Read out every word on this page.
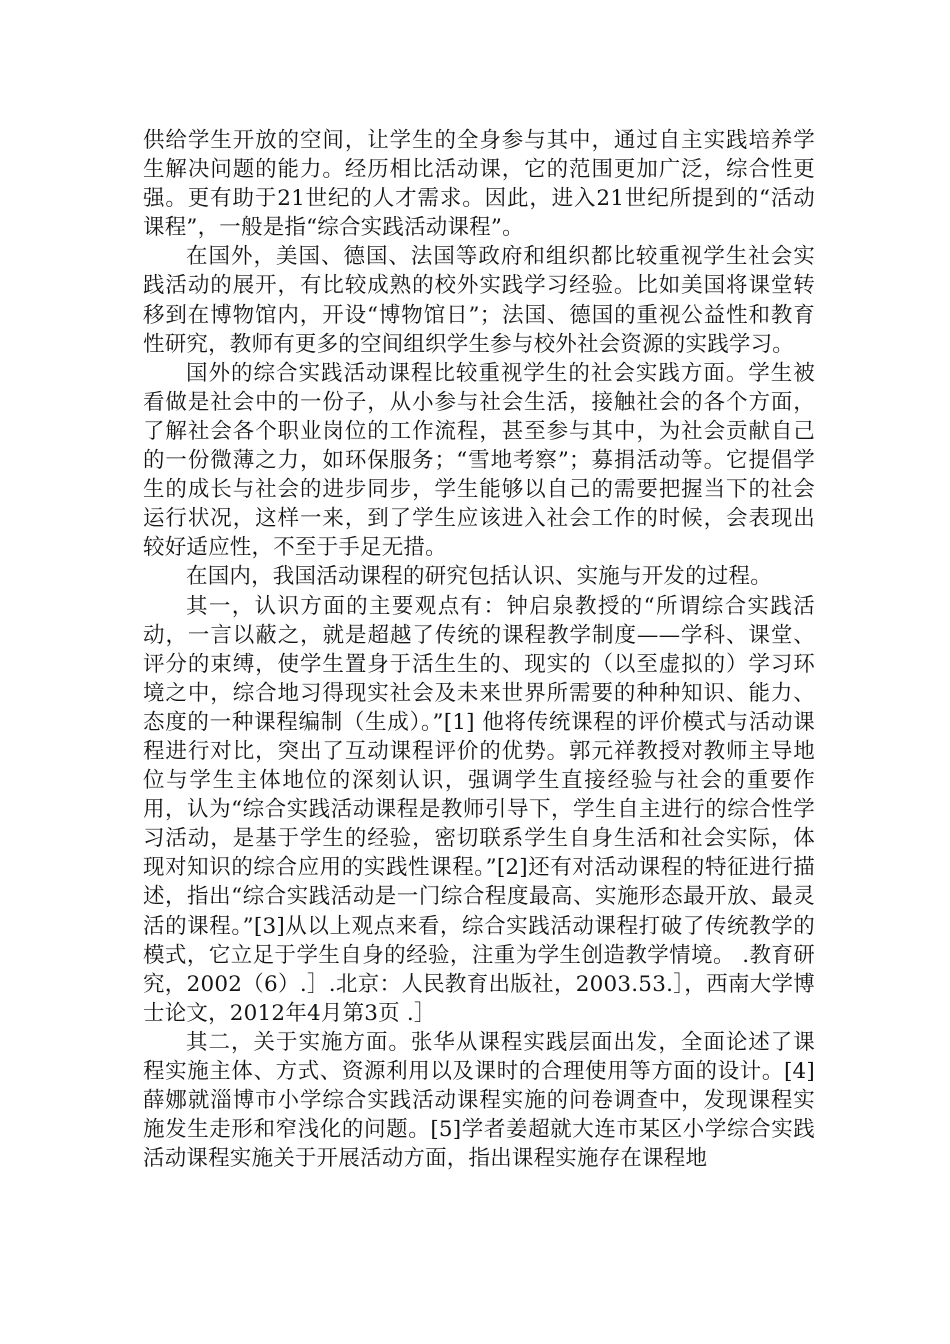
供给学生开放的空间，让学生的全身参与其中，通过自主实践培养学生解决问题的能力。经历相比活动课，它的范围更加广泛，综合性更强。更有助于21世纪的人才需求。因此，进入21世纪所提到的“活动课程”，一般是指“综合实践活动课程”。

在国外，美国、德国、法国等政府和组织都比较重视学生社会实践活动的展开，有比较成熟的校外实践学习经验。比如美国将课堂转移到在博物馆内，开设“博物馆日”；法国、德国的重视公益性和教育性研究，教师有更多的空间组织学生参与校外社会资源的实践学习。

国外的综合实践活动课程比较重视学生的社会实践方面。学生被看做是社会中的一份子，从小参与社会生活，接触社会的各个方面，了解社会各个职业岗位的工作流程，甚至参与其中，为社会贡献自己的一份微薄之力，如环保服务；“雪地考察”；募捐活动等。它提倡学生的成长与社会的进步同步，学生能够以自己的需要把握当下的社会运行状况，这样一来，到了学生应该进入社会工作的时候，会表现出较好适应性，不至于手足无措。

在国内，我国活动课程的研究包括认识、实施与开发的过程。

其一，认识方面的主要观点有：钟启泉教授的“所谓综合实践活动，一言以蔽之，就是超越了传统的课程教学制度——学科、课堂、评分的束缚，使学生置身于活生生的、现实的（以至虚拟的）学习环境之中，综合地习得现实社会及未来世界所需要的种种知识、能力、态度的一种课程编制（生成）。”[1] 他将传统课程的评价模式与活动课程进行对比，突出了互动课程评价的优势。郭元祥教授对教师主导地位与学生主体地位的深刻认识，强调学生直接经验与社会的重要作用，认为“综合实践活动课程是教师引导下，学生自主进行的综合性学习活动，是基于学生的经验，密切联系学生自身生活和社会实际，体现对知识的综合应用的实践性课程。”[2]还有对活动课程的特征进行描述，指出“综合实践活动是一门综合程度最高、实施形态最开放、最灵活的课程。”[3]从以上观点来看，综合实践活动课程打破了传统教学的模式，它立足于学生自身的经验，注重为学生创造教学情境。 .教育研究，2002（6）.］.北京：人民教育出版社，2003.53.］，西南大学博士论文，2012年4月第3页 .］

其二，关于实施方面。张华从课程实践层面出发，全面论述了课程实施主体、方式、资源利用以及课时的合理使用等方面的设计。[4]薛娜就淄博市小学综合实践活动课程实施的问卷调查中，发现课程实施发生走形和窄浅化的问题。[5]学者姜超就大连市某区小学综合实践活动课程实施关于开展活动方面，指出课程实施存在课程地
